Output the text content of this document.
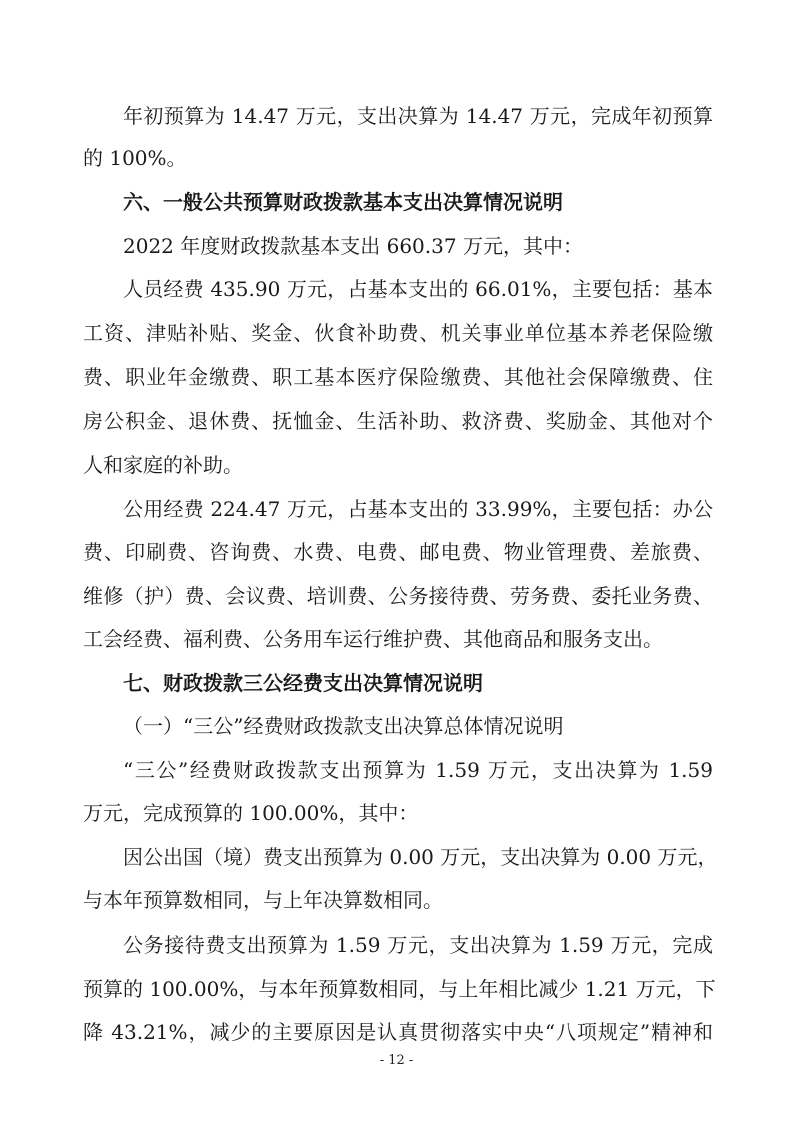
年初预算为 14.47 万元，支出决算为 14.47 万元，完成年初预算
的 100%。
六、一般公共预算财政拨款基本支出决算情况说明
2022 年度财政拨款基本支出 660.37 万元，其中：
人员经费 435.90 万元，占基本支出的 66.01%，主要包括：基本
工资、津贴补贴、奖金、伙食补助费、机关事业单位基本养老保险缴
费、职业年金缴费、职工基本医疗保险缴费、其他社会保障缴费、住
房公积金、退休费、抚恤金、生活补助、救济费、奖励金、其他对个
人和家庭的补助。
公用经费 224.47 万元，占基本支出的 33.99%，主要包括：办公
费、印刷费、咨询费、水费、电费、邮电费、物业管理费、差旅费、
维修（护）费、会议费、培训费、公务接待费、劳务费、委托业务费、
工会经费、福利费、公务用车运行维护费、其他商品和服务支出。
七、财政拨款三公经费支出决算情况说明
（一）“三公”经费财政拨款支出决算总体情况说明
“三公”经费财政拨款支出预算为 1.59 万元，支出决算为 1.59
万元，完成预算的 100.00%，其中：
因公出国（境）费支出预算为 0.00 万元，支出决算为 0.00 万元，
与本年预算数相同，与上年决算数相同。
公务接待费支出预算为 1.59 万元，支出决算为 1.59 万元，完成
预算的 100.00%，与本年预算数相同，与上年相比减少 1.21 万元，下
降 43.21%，减少的主要原因是认真贯彻落实中央“八项规定”精神和
- 12 -
